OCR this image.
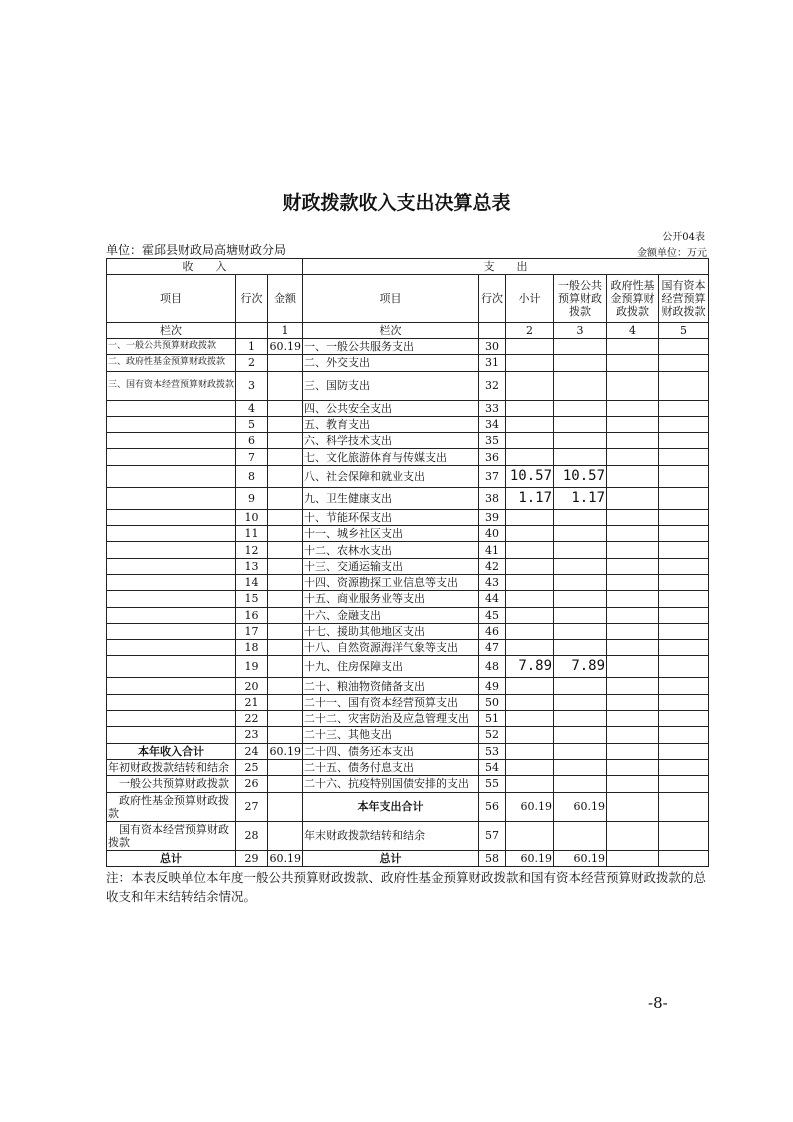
财政拨款收入支出决算总表
公开04表
单位：霍邱县财政局高塘财政分局	金额单位：万元
收　　入			支　　出					
项目	行次	金额	项目	行次	小计	一般公共预算财政拨款	政府性基金预算财政拨款	国有资本经营预算财政拨款
栏次		1	栏次		2	3	4	5
一、一般公共预算财政拨款	1	60.19	一、一般公共服务支出	30				
二、政府性基金预算财政拨款	2		二、外交支出	31				
三、国有资本经营预算财政拨款	3		三、国防支出	32				
	4		四、公共安全支出	33				
	5		五、教育支出	34				
	6		六、科学技术支出	35				
	7		七、文化旅游体育与传媒支出	36				
	8		八、社会保障和就业支出	37	10.57	10.57		
	9		九、卫生健康支出	38	1.17	1.17		
	10		十、节能环保支出	39				
	11		十一、城乡社区支出	40				
	12		十二、农林水支出	41				
	13		十三、交通运输支出	42				
	14		十四、资源勘探工业信息等支出	43				
	15		十五、商业服务业等支出	44				
	16		十六、金融支出	45				
	17		十七、援助其他地区支出	46				
	18		十八、自然资源海洋气象等支出	47				
	19		十九、住房保障支出	48	7.89	7.89		
	20		二十、粮油物资储备支出	49				
	21		二十一、国有资本经营预算支出	50				
	22		二十二、灾害防治及应急管理支出	51				
	23		二十三、其他支出	52				
本年收入合计	24	60.19	二十四、债务还本支出	53				
年初财政拨款结转和结余	25		二十五、债务付息支出	54				
　一般公共预算财政拨款	26		二十六、抗疫特别国债安排的支出	55				
　政府性基金预算财政拨款	27		本年支出合计	56	60.19	60.19		
　国有资本经营预算财政拨款	28		年末财政拨款结转和结余	57				
总计	29	60.19	总计	58	60.19	60.19		
注：本表反映单位本年度一般公共预算财政拨款、政府性基金预算财政拨款和国有资本经营预算财政拨款的总收支和年末结转结余情况。
-8-
